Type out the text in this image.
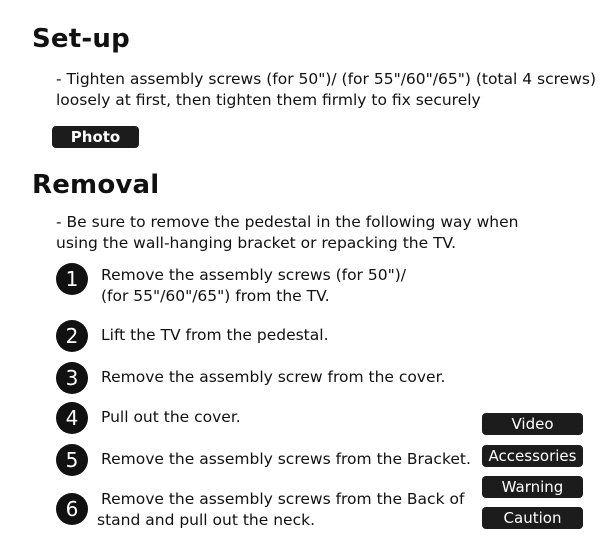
Set-up
- Tighten assembly screws (for 50")/ (for 55"/60"/65") (total 4 screws)
loosely at first, then tighten them firmly to fix securely
Photo
Removal
- Be sure to remove the pedestal in the following way when
using the wall-hanging bracket or repacking the TV.
1	Remove the assembly screws (for 50")/
(for 55"/60"/65") from the TV.
2	Lift the TV from the pedestal.
3	Remove the assembly screw from the cover.
4	Pull out the cover.
5	Remove the assembly screws from the Bracket.
6	Remove the assembly screws from the Back of
stand and pull out the neck.
Video
Accessories
Warning
Caution
